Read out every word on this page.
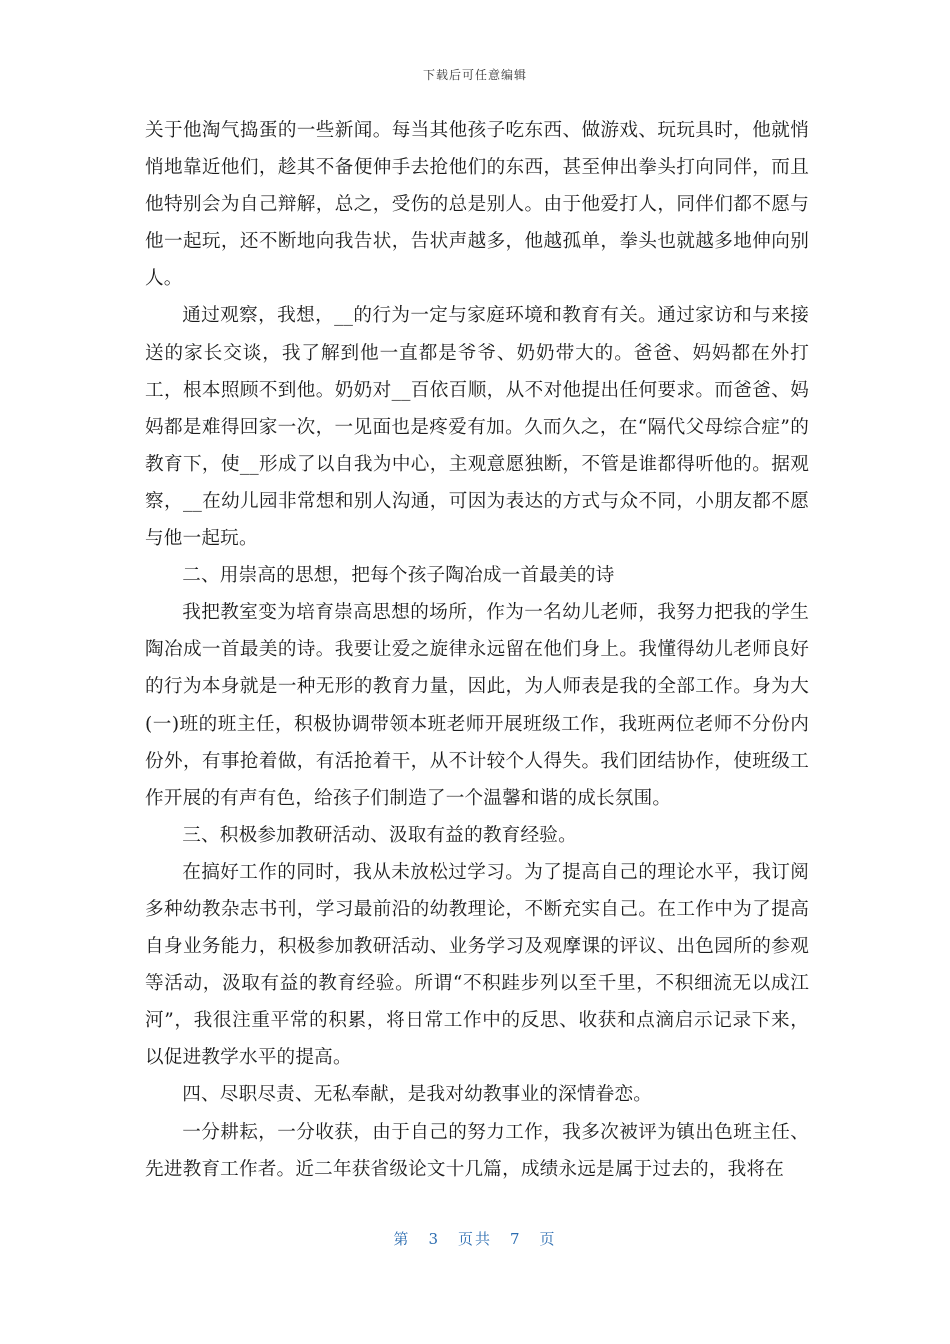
下载后可任意编辑

关于他淘气捣蛋的一些新闻。每当其他孩子吃东西、做游戏、玩玩具时，他就悄悄地靠近他们，趁其不备便伸手去抢他们的东西，甚至伸出拳头打向同伴，而且他特别会为自己辩解，总之，受伤的总是别人。由于他爱打人，同伴们都不愿与他一起玩，还不断地向我告状，告状声越多，他越孤单，拳头也就越多地伸向别人。

通过观察，我想，__的行为一定与家庭环境和教育有关。通过家访和与来接送的家长交谈，我了解到他一直都是爷爷、奶奶带大的。爸爸、妈妈都在外打工，根本照顾不到他。奶奶对__百依百顺，从不对他提出任何要求。而爸爸、妈妈都是难得回家一次，一见面也是疼爱有加。久而久之，在“隔代父母综合症”的教育下，使__形成了以自我为中心，主观意愿独断，不管是谁都得听他的。据观察，__在幼儿园非常想和别人沟通，可因为表达的方式与众不同，小朋友都不愿与他一起玩。

二、用崇高的思想，把每个孩子陶冶成一首最美的诗

我把教室变为培育崇高思想的场所，作为一名幼儿老师，我努力把我的学生陶冶成一首最美的诗。我要让爱之旋律永远留在他们身上。我懂得幼儿老师良好的行为本身就是一种无形的教育力量，因此，为人师表是我的全部工作。身为大(一)班的班主任，积极协调带领本班老师开展班级工作，我班两位老师不分份内份外，有事抢着做，有活抢着干，从不计较个人得失。我们团结协作，使班级工作开展的有声有色，给孩子们制造了一个温馨和谐的成长氛围。

三、积极参加教研活动、汲取有益的教育经验。

在搞好工作的同时，我从未放松过学习。为了提高自己的理论水平，我订阅多种幼教杂志书刊，学习最前沿的幼教理论，不断充实自己。在工作中为了提高自身业务能力，积极参加教研活动、业务学习及观摩课的评议、出色园所的参观等活动，汲取有益的教育经验。所谓“不积跬步列以至千里，不积细流无以成江河”，我很注重平常的积累，将日常工作中的反思、收获和点滴启示记录下来，以促进教学水平的提高。

四、尽职尽责、无私奉献，是我对幼教事业的深情眷恋。

一分耕耘，一分收获，由于自己的努力工作，我多次被评为镇出色班主任、先进教育工作者。近二年获省级论文十几篇，成绩永远是属于过去的，我将在

第 3 页共 7 页
